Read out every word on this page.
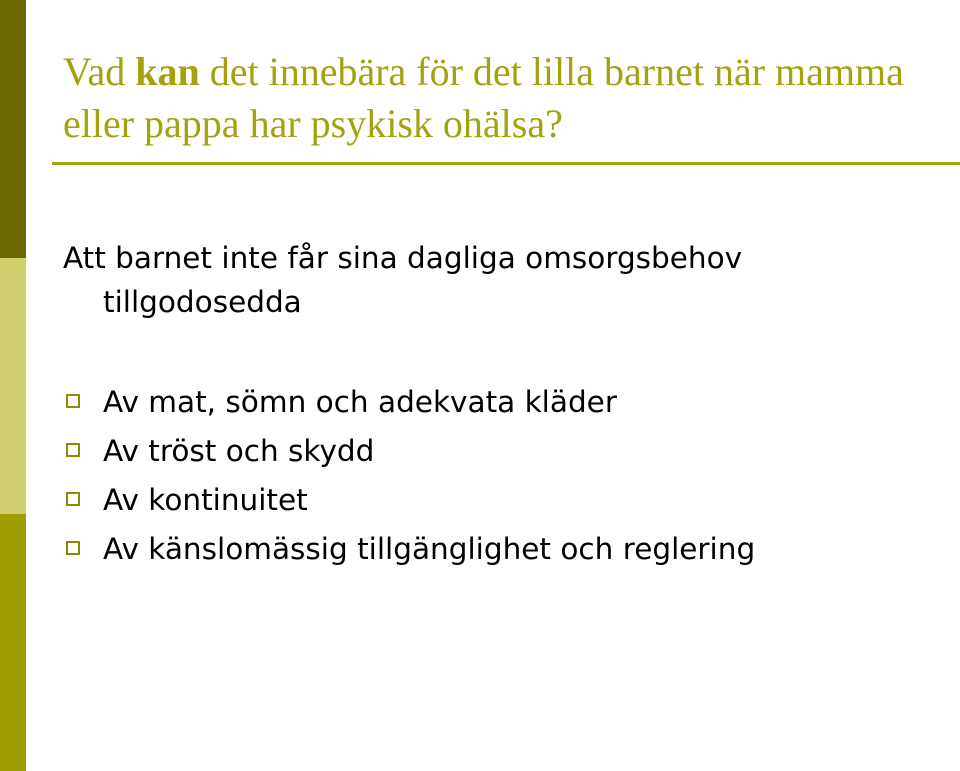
Vad kan det innebära för det lilla barnet när mamma eller pappa har psykisk ohälsa?

Att barnet inte får sina dagliga omsorgsbehov
tillgodosedda

Av mat, sömn och adekvata kläder
Av tröst och skydd
Av kontinuitet
Av känslomässig tillgänglighet och reglering
